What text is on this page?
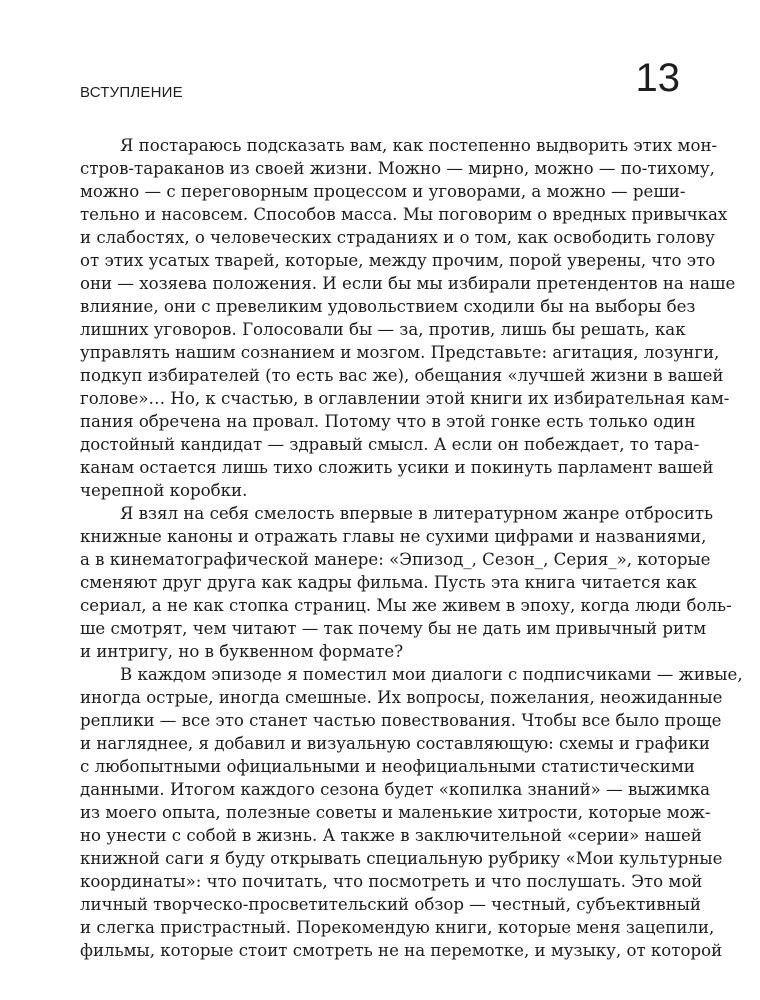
ВСТУПЛЕНИЕ	13
Я постараюсь подсказать вам, как постепенно выдворить этих мон-
стров-тараканов из своей жизни. Можно — мирно, можно — по-тихому,
можно — с переговорным процессом и уговорами, а можно — реши-
тельно и насовсем. Способов масса. Мы поговорим о вредных привычках
и слабостях, о человеческих страданиях и о том, как освободить голову
от этих усатых тварей, которые, между прочим, порой уверены, что это
они — хозяева положения. И если бы мы избирали претендентов на наше
влияние, они с превеликим удовольствием сходили бы на выборы без
лишних уговоров. Голосовали бы — за, против, лишь бы решать, как
управлять нашим сознанием и мозгом. Представьте: агитация, лозунги,
подкуп избирателей (то есть вас же), обещания «лучшей жизни в вашей
голове»… Но, к счастью, в оглавлении этой книги их избирательная кам-
пания обречена на провал. Потому что в этой гонке есть только один
достойный кандидат — здравый смысл. А если он побеждает, то тара-
канам остается лишь тихо сложить усики и покинуть парламент вашей
черепной коробки.
Я взял на себя смелость впервые в литературном жанре отбросить
книжные каноны и отражать главы не сухими цифрами и названиями,
а в кинематографической манере: «Эпизод_, Сезон_, Серия_», которые
сменяют друг друга как кадры фильма. Пусть эта книга читается как
сериал, а не как стопка страниц. Мы же живем в эпоху, когда люди боль-
ше смотрят, чем читают — так почему бы не дать им привычный ритм
и интригу, но в буквенном формате?
В каждом эпизоде я поместил мои диалоги с подписчиками — живые,
иногда острые, иногда смешные. Их вопросы, пожелания, неожиданные
реплики — все это станет частью повествования. Чтобы все было проще
и нагляднее, я добавил и визуальную составляющую: схемы и графики
с любопытными официальными и неофициальными статистическими
данными. Итогом каждого сезона будет «копилка знаний» — выжимка
из моего опыта, полезные советы и маленькие хитрости, которые мож-
но унести с собой в жизнь. А также в заключительной «серии» нашей
книжной саги я буду открывать специальную рубрику «Мои культурные
координаты»: что почитать, что посмотреть и что послушать. Это мой
личный творческо-просветительский обзор — честный, субъективный
и слегка пристрастный. Порекомендую книги, которые меня зацепили,
фильмы, которые стоит смотреть не на перемотке, и музыку, от которой
